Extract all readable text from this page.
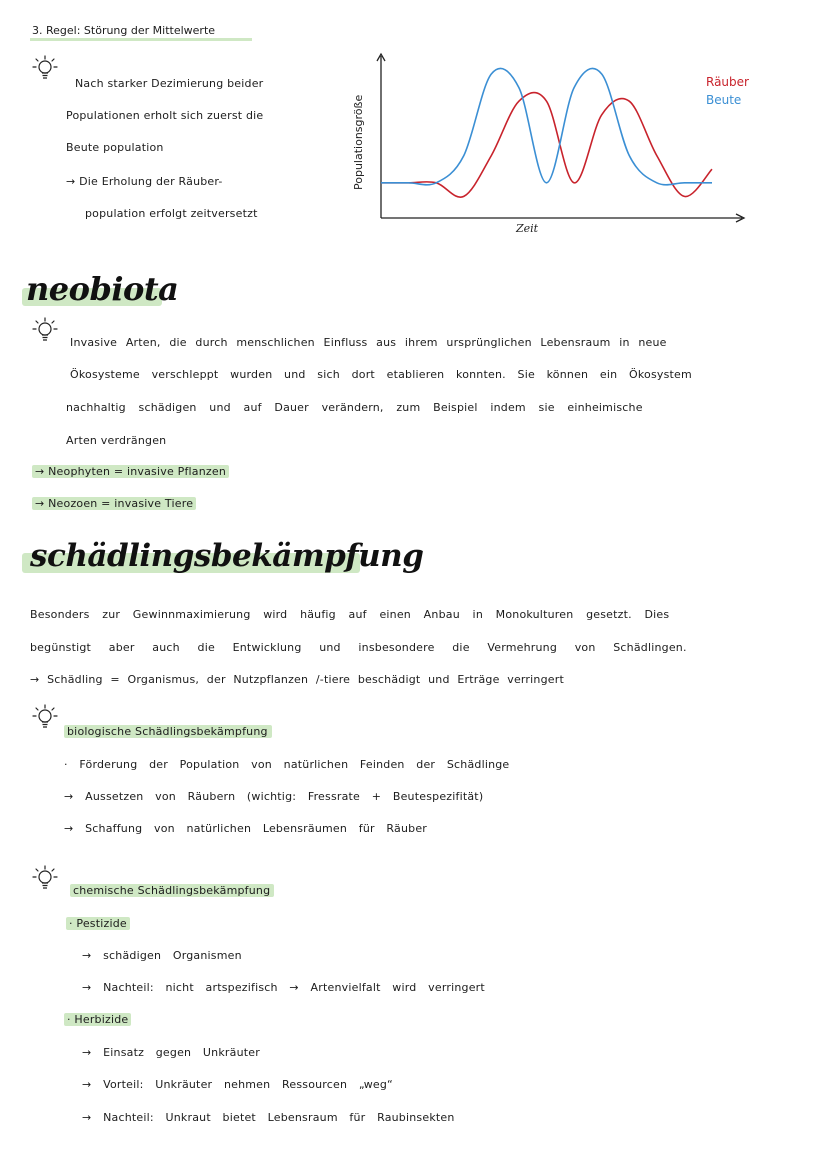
3. Regel: Störung der Mittelwerte
Nach starker Dezimierung beider
Populationen erholt sich zuerst die
Beute population
→ Die Erholung der Räuber-
population erfolgt zeitversetzt
Populationsgröße
Zeit
Räuber
Beute
neobiota
Invasive Arten, die durch menschlichen Einfluss aus ihrem ursprünglichen Lebensraum in neue
Ökosysteme verschleppt wurden und sich dort etablieren konnten. Sie können ein Ökosystem
nachhaltig schädigen und auf Dauer verändern, zum Beispiel indem sie einheimische
Arten verdrängen
→ Neophyten = invasive Pflanzen
→ Neozoen = invasive Tiere
schädlingsbekämpfung
Besonders zur Gewinnmaximierung wird häufig auf einen Anbau in Monokulturen gesetzt. Dies
begünstigt aber auch die Entwicklung und insbesondere die Vermehrung von Schädlingen.
→ Schädling = Organismus, der Nutzpflanzen /-tiere beschädigt und Erträge verringert
biologische Schädlingsbekämpfung
· Förderung der Population von natürlichen Feinden der Schädlinge
→ Aussetzen von Räubern (wichtig: Fressrate + Beutespezifität)
→ Schaffung von natürlichen Lebensräumen für Räuber
chemische Schädlingsbekämpfung
· Pestizide
→ schädigen Organismen
→ Nachteil: nicht artspezifisch → Artenvielfalt wird verringert
· Herbizide
→ Einsatz gegen Unkräuter
→ Vorteil: Unkräuter nehmen Ressourcen „weg“
→ Nachteil: Unkraut bietet Lebensraum für Raubinsekten
